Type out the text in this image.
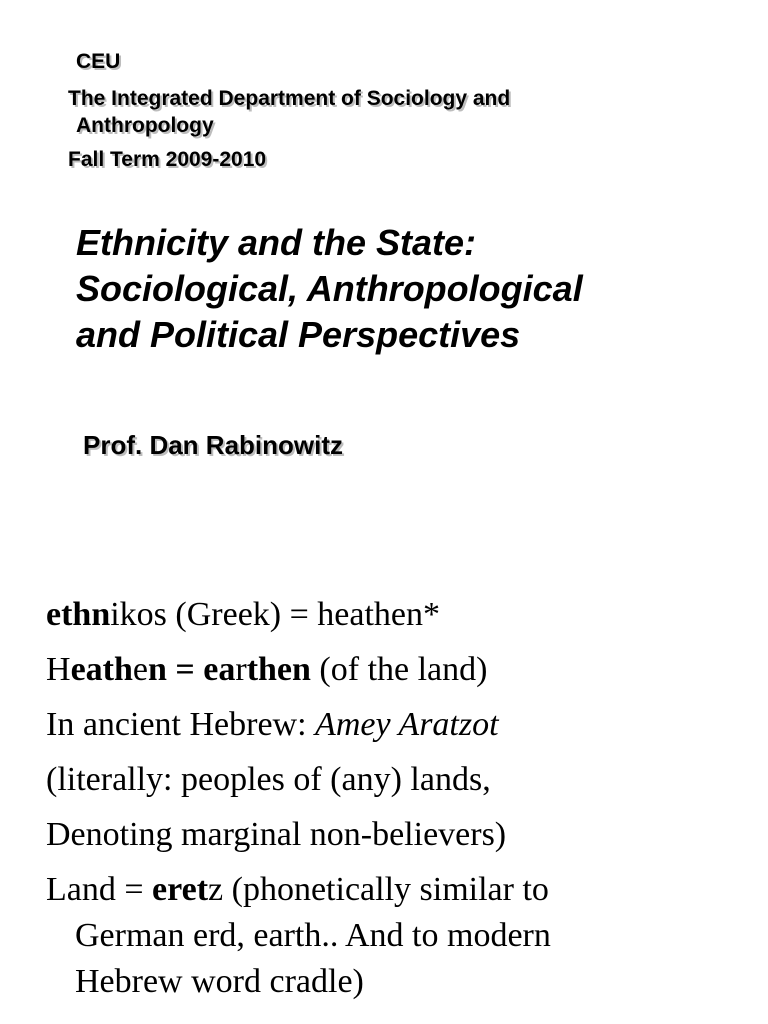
CEU

The Integrated Department of Sociology and

Anthropology

Fall Term 2009-2010

Ethnicity and the State:
Sociological, Anthropological
and Political Perspectives

Prof. Dan Rabinowitz

ethnikos (Greek) = heathen*
Heathen = earthen (of the land)
In ancient Hebrew: Amey Aratzot
(literally: peoples of (any) lands,
Denoting marginal non-believers)
Land = eretz (phonetically similar to

German erd, earth.. And to modern

Hebrew word cradle)
